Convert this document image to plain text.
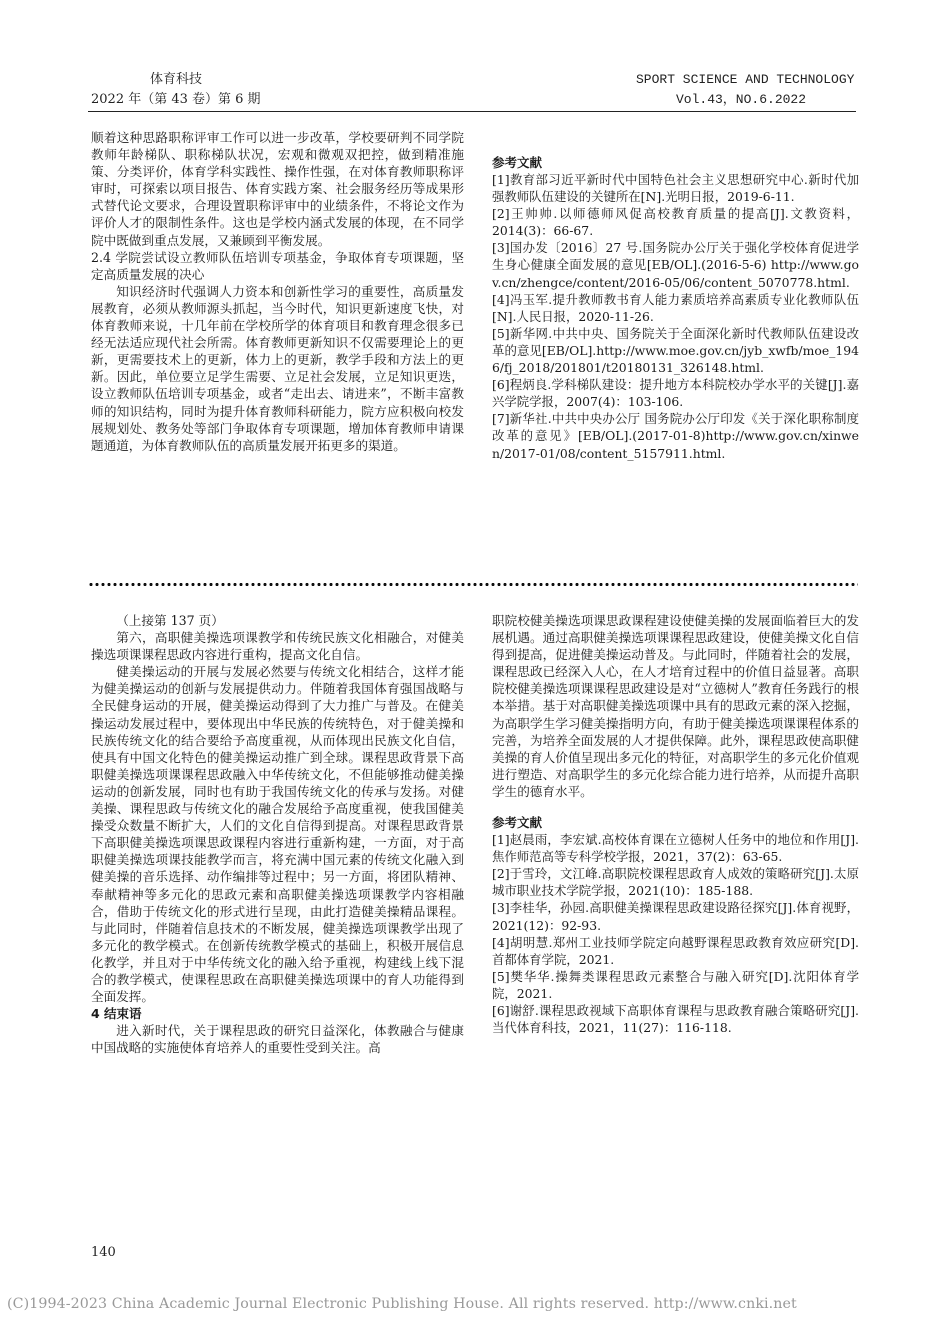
体育科技
2022 年（第 43 卷）第 6 期
SPORT SCIENCE AND TECHNOLOGY
Vol.43，NO.6.2022

顺着这种思路职称评审工作可以进一步改革，学校要研判不同学院教师年龄梯队、职称梯队状况，宏观和微观双把控，做到精准施策、分类评价，体育学科实践性、操作性强，在对体育教师职称评审时，可探索以项目报告、体育实践方案、社会服务经历等成果形式替代论文要求，合理设置职称评审中的业绩条件，不将论文作为评价人才的限制性条件。这也是学校内涵式发展的体现，在不同学院中既做到重点发展，又兼顾到平衡发展。

2.4 学院尝试设立教师队伍培训专项基金，争取体育专项课题，坚定高质量发展的决心

知识经济时代强调人力资本和创新性学习的重要性，高质量发展教育，必须从教师源头抓起，当今时代，知识更新速度飞快，对体育教师来说，十几年前在学校所学的体育项目和教育理念很多已经无法适应现代社会所需。体育教师更新知识不仅需要理论上的更新，更需要技术上的更新，体力上的更新，教学手段和方法上的更新。因此，单位要立足学生需要、立足社会发展，立足知识更迭，设立教师队伍培训专项基金，或者“走出去、请进来”，不断丰富教师的知识结构，同时为提升体育教师科研能力，院方应积极向校发展规划处、教务处等部门争取体育专项课题，增加体育教师申请课题通道，为体育教师队伍的高质量发展开拓更多的渠道。

参考文献

[1]教育部习近平新时代中国特色社会主义思想研究中心.新时代加强教师队伍建设的关键所在[N].光明日报，2019-6-11.

[2]王帅帅.以师德师风促高校教育质量的提高[J].文教资料，2014(3)：66-67.

[3]国办发〔2016〕27 号.国务院办公厅关于强化学校体育促进学生身心健康全面发展的意见[EB/OL].(2016-5-6) http://www.gov.cn/zhengce/content/2016-05/06/content_5070778.html.

[4]冯玉军.提升教师教书育人能力素质培养高素质专业化教师队伍[N].人民日报，2020-11-26.

[5]新华网.中共中央、国务院关于全面深化新时代教师队伍建设改革的意见[EB/OL].http://www.moe.gov.cn/jyb_xwfb/moe_1946/fj_2018/201801/t20180131_326148.html.

[6]程炳良.学科梯队建设：提升地方本科院校办学水平的关键[J].嘉兴学院学报，2007(4)：103-106.

[7]新华社.中共中央办公厅 国务院办公厅印发《关于深化职称制度改革的意见》[EB/OL].(2017-01-8)http://www.gov.cn/xinwen/2017-01/08/content_5157911.html.

（上接第 137 页）

第六，高职健美操选项课教学和传统民族文化相融合，对健美操选项课课程思政内容进行重构，提高文化自信。

健美操运动的开展与发展必然要与传统文化相结合，这样才能为健美操运动的创新与发展提供动力。伴随着我国体育强国战略与全民健身运动的开展，健美操运动得到了大力推广与普及。在健美操运动发展过程中，要体现出中华民族的传统特色，对于健美操和民族传统文化的结合要给予高度重视，从而体现出民族文化自信，使具有中国文化特色的健美操运动推广到全球。课程思政背景下高职健美操选项课课程思政融入中华传统文化，不但能够推动健美操运动的创新发展，同时也有助于我国传统文化的传承与发扬。对健美操、课程思政与传统文化的融合发展给予高度重视，使我国健美操受众数量不断扩大，人们的文化自信得到提高。对课程思政背景下高职健美操选项课思政课程内容进行重新构建，一方面，对于高职健美操选项课技能教学而言，将充满中国元素的传统文化融入到健美操的音乐选择、动作编排等过程中；另一方面，将团队精神、奉献精神等多元化的思政元素和高职健美操选项课教学内容相融合，借助于传统文化的形式进行呈现，由此打造健美操精品课程。与此同时，伴随着信息技术的不断发展，健美操选项课教学出现了多元化的教学模式。在创新传统教学模式的基础上，积极开展信息化教学，并且对于中华传统文化的融入给予重视，构建线上线下混合的教学模式，使课程思政在高职健美操选项课中的育人功能得到全面发挥。

4 结束语

进入新时代，关于课程思政的研究日益深化，体教融合与健康中国战略的实施使体育培养人的重要性受到关注。高

职院校健美操选项课思政课程建设使健美操的发展面临着巨大的发展机遇。通过高职健美操选项课课程思政建设，使健美操文化自信得到提高，促进健美操运动普及。与此同时，伴随着社会的发展，课程思政已经深入人心，在人才培育过程中的价值日益显著。高职院校健美操选项课课程思政建设是对“立德树人”教育任务践行的根本举措。基于对高职健美操选项课中具有的思政元素的深入挖掘，为高职学生学习健美操指明方向，有助于健美操选项课课程体系的完善，为培养全面发展的人才提供保障。此外，课程思政使高职健美操的育人价值呈现出多元化的特征，对高职学生的多元化价值观进行塑造、对高职学生的多元化综合能力进行培养，从而提升高职学生的德育水平。

参考文献

[1]赵晨雨，李宏斌.高校体育课在立德树人任务中的地位和作用[J].焦作师范高等专科学校学报，2021，37(2)：63-65.

[2]于雪玲，文江峰.高职院校课程思政育人成效的策略研究[J].太原城市职业技术学院学报，2021(10)：185-188.

[3]李桂华，孙园.高职健美操课程思政建设路径探究[J].体育视野，2021(12)：92-93.

[4]胡明慧.郑州工业技师学院定向越野课程思政教育效应研究[D].首都体育学院，2021.

[5]樊华华.操舞类课程思政元素整合与融入研究[D].沈阳体育学院，2021.

[6]谢舒.课程思政视域下高职体育课程与思政教育融合策略研究[J].当代体育科技，2021，11(27)：116-118.

140
(C)1994-2023 China Academic Journal Electronic Publishing House. All rights reserved. http://www.cnki.net
